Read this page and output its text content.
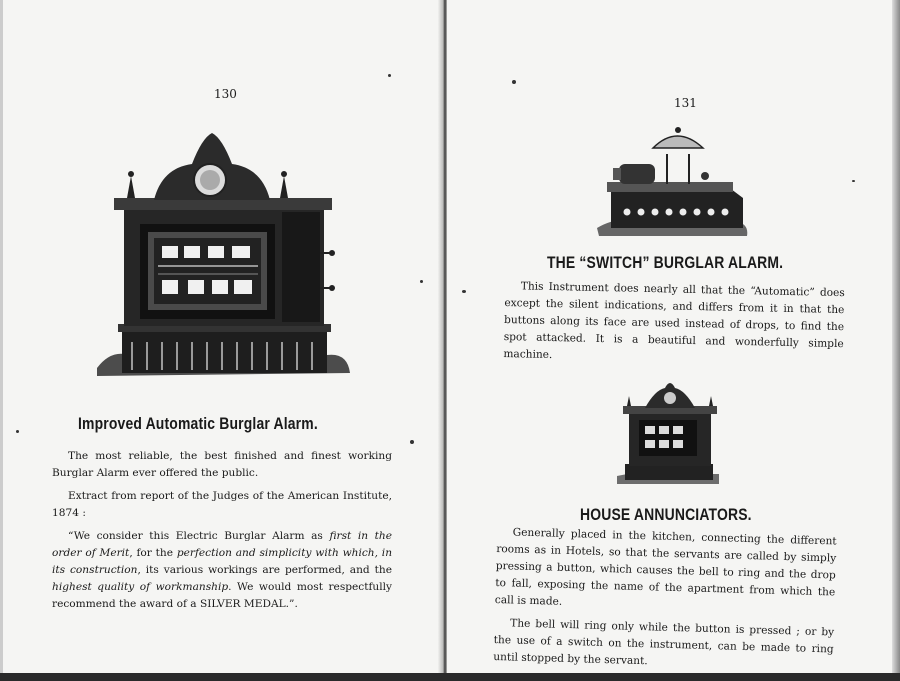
130
Improved Automatic Burglar Alarm.

The most reliable, the best finished and finest working Burglar Alarm ever offered the public.

Extract from report of the Judges of the American Institute, 1874 :

“We consider this Electric Burglar Alarm as first in the order of Merit, for the perfection and simplicity with which, in its construction, its various workings are performed, and the highest quality of workmanship. We would most respectfully recommend the award of a SILVER MEDAL.”.

131
THE “SWITCH” BURGLAR ALARM.

This Instrument does nearly all that the “Automatic” does except the silent indications, and differs from it in that the buttons along its face are used instead of drops, to find the spot attacked. It is a beautiful and wonderfully simple machine.

HOUSE ANNUNCIATORS.

Generally placed in the kitchen, connecting the different rooms as in Hotels, so that the servants are called by simply pressing a button, which causes the bell to ring and the drop to fall, exposing the name of the apartment from which the call is made.

The bell will ring only while the button is pressed ; or by the use of a switch on the instrument, can be made to ring until stopped by the servant.
